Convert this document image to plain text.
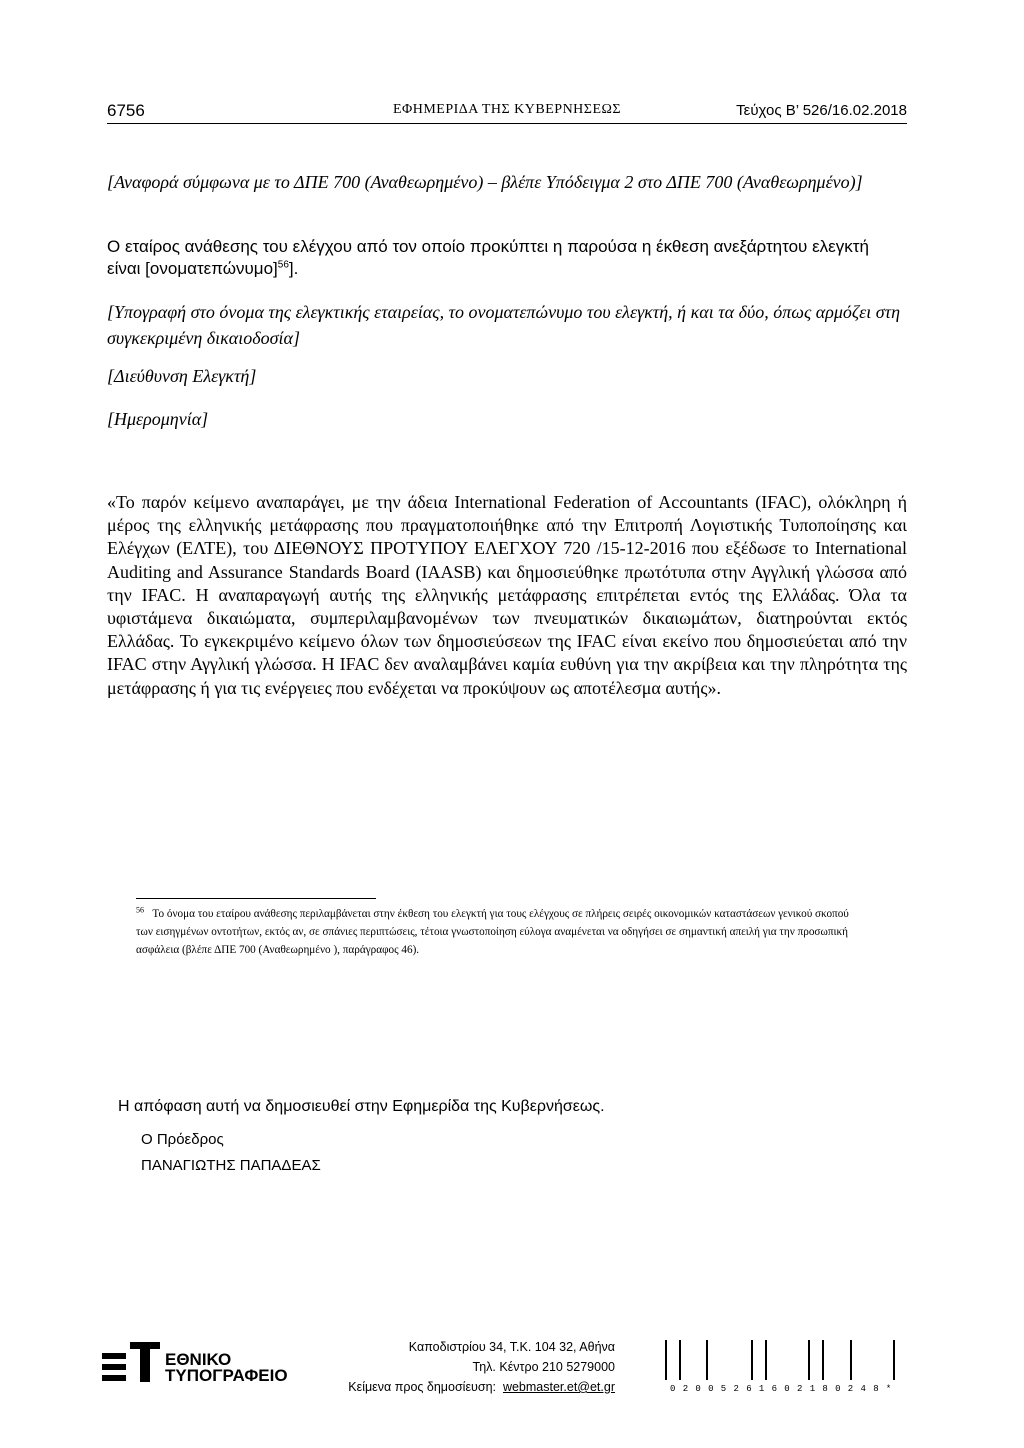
6756	ΕΦΗΜΕΡΙΔΑ ΤΗΣ ΚΥΒΕΡΝΗΣΕΩΣ	Τεύχος Β’ 526/16.02.2018
[Αναφορά σύμφωνα με το ΔΠΕ 700 (Αναθεωρημένο) – βλέπε Υπόδειγμα 2 στο ΔΠΕ 700 (Αναθεωρημένο)]
Ο εταίρος ανάθεσης του ελέγχου από τον οποίο προκύπτει η παρούσα η έκθεση ανεξάρτητου ελεγκτή είναι $[o\nu o\mu\alpha\tau\varepsilon\pi ώ\nu\upsilon\mu o]^{56}$].
[Υπογραφή στο όνομα της ελεγκτικής εταιρείας, το ονοματεπώνυμο του ελεγκτή, ή και τα δύο, όπως αρμόζει στη συγκεκριμένη δικαιοδοσία]
[Διεύθυνση Ελεγκτή]
[Ημερομηνία]
«Το παρόν κείμενο αναπαράγει, με την άδεια International Federation of Accountants (IFAC), ολόκληρη ή μέρος της ελληνικής μετάφρασης που πραγματοποιήθηκε από την Επιτροπή Λογιστικής Τυποποίησης και Ελέγχων (ΕΛΤΕ), του ΔΙΕΘΝΟΥΣ ΠΡΟΤΥΠΟΥ ΕΛΕΓΧΟΥ 720 /15-12-2016 που εξέδωσε το International Auditing and Assurance Standards Board (IAASB) και δημοσιεύθηκε πρωτότυπα στην Αγγλική γλώσσα από την IFAC. Η αναπαραγωγή αυτής της ελληνικής μετάφρασης επιτρέπεται εντός της Ελλάδας. Όλα τα υφιστάμενα δικαιώματα, συμπεριλαμβανομένων των πνευματικών δικαιωμάτων, διατηρούνται εκτός Ελλάδας. Το εγκεκριμένο κείμενο όλων των δημοσιεύσεων της IFAC είναι εκείνο που δημοσιεύεται από την IFAC στην Αγγλική γλώσσα. Η IFAC δεν αναλαμβάνει καμία ευθύνη για την ακρίβεια και την πληρότητα της μετάφρασης ή για τις ενέργειες που ενδέχεται να προκύψουν ως αποτέλεσμα αυτής».
$^{56}$ Το όνομα του εταίρου ανάθεσης περιλαμβάνεται στην έκθεση του ελεγκτή για τους ελέγχους σε πλήρεις σειρές οικονομικών καταστάσεων γενικού σκοπού των εισηγμένων οντοτήτων, εκτός αν, σε σπάνιες περιπτώσεις, τέτοια γνωστοποίηση εύλογα αναμένεται να οδηγήσει σε σημαντική απειλή για την προσωπική ασφάλεια (βλέπε ΔΠΕ 700 (Αναθεωρημένο ), παράγραφος 46).
Η απόφαση αυτή να δημοσιευθεί στην Εφημερίδα της Κυβερνήσεως.
Ο Πρόεδρος
ΠΑΝΑΓΙΩΤΗΣ ΠΑΠΑΔΕΑΣ
ΕΘΝΙΚΟ
ΤΥΠΟΓΡΑΦΕΙΟ
Καποδιστρίου 34, Τ.Κ. 104 32, Αθήνα
Τηλ. Κέντρο 210 5279000
Κείμενα προς δημοσίευση: webmaster.et@et.gr	02005261602180248*
